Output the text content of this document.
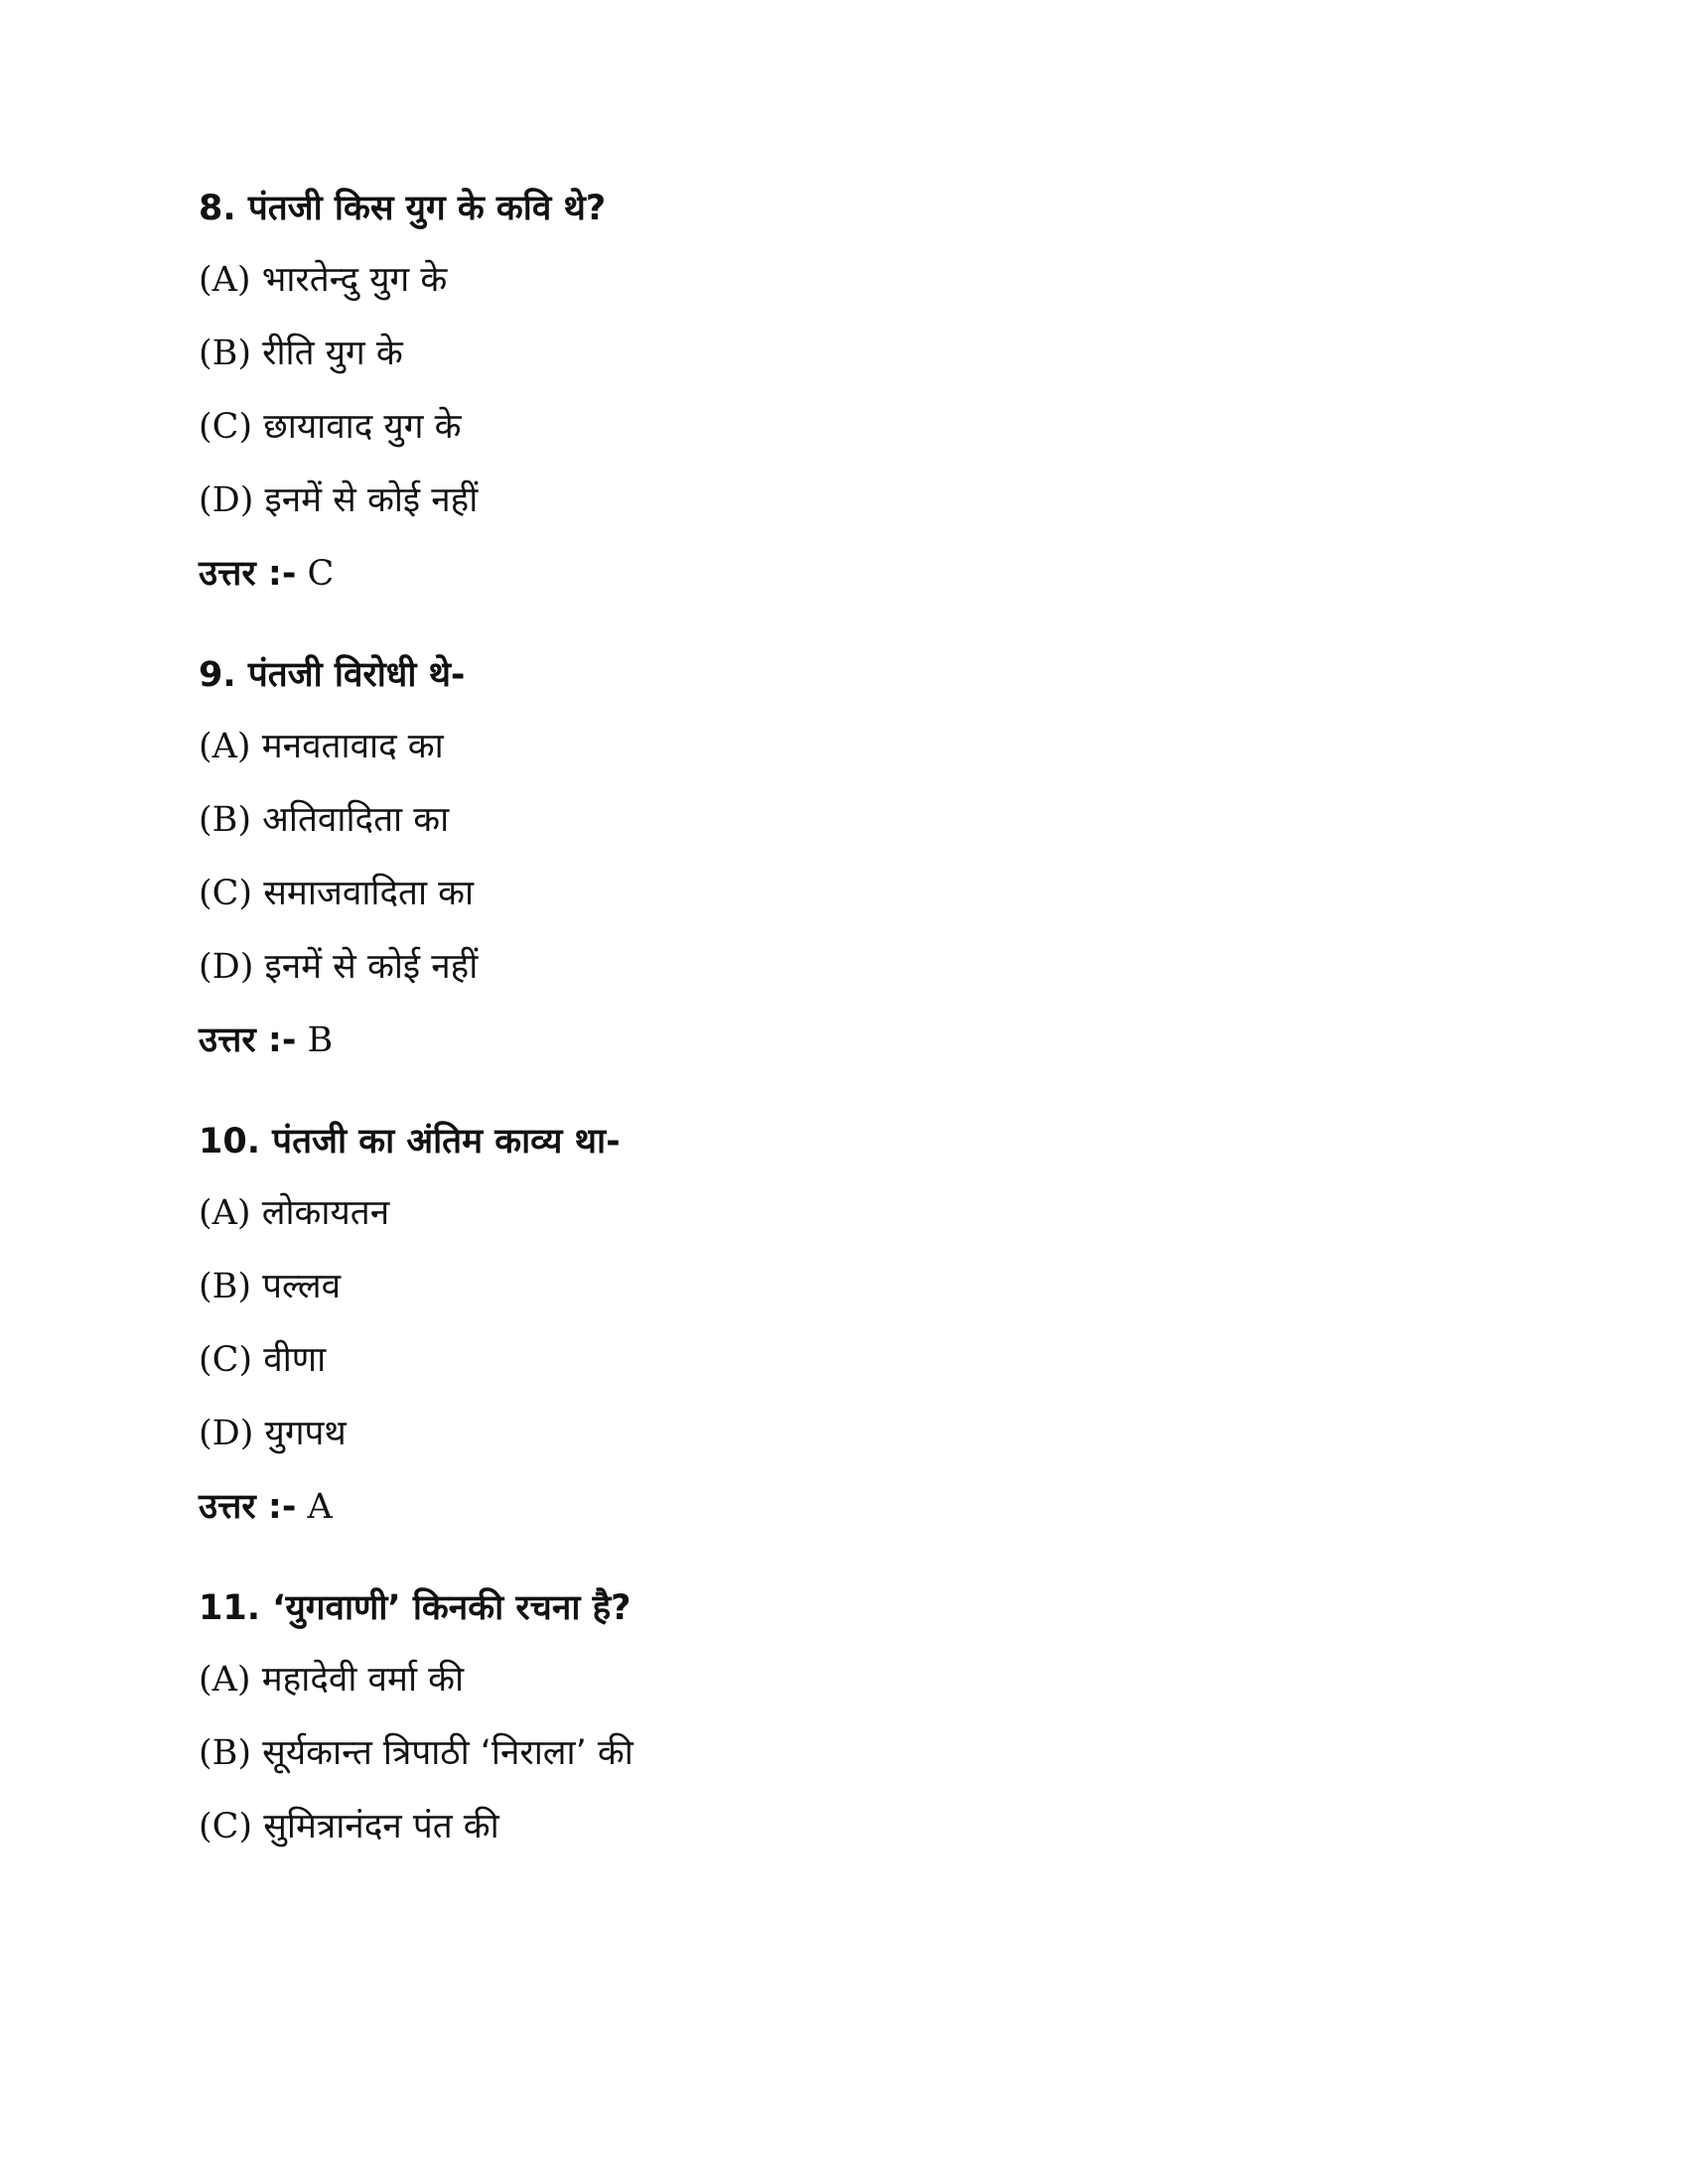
8. पंतजी किस युग के कवि थे?
(A) भारतेन्दु युग के
(B) रीति युग के
(C) छायावाद युग के
(D) इनमें से कोई नहीं
उत्तर :- C
9. पंतजी विरोधी थे-
(A) मनवतावाद का
(B) अतिवादिता का
(C) समाजवादिता का
(D) इनमें से कोई नहीं
उत्तर :- B
10. पंतजी का अंतिम काव्य था-
(A) लोकायतन
(B) पल्लव
(C) वीणा
(D) युगपथ
उत्तर :- A
11. ‘युगवाणी’ किनकी रचना है?
(A) महादेवी वर्मा की
(B) सूर्यकान्त त्रिपाठी ‘निराला’ की
(C) सुमित्रानंदन पंत की
